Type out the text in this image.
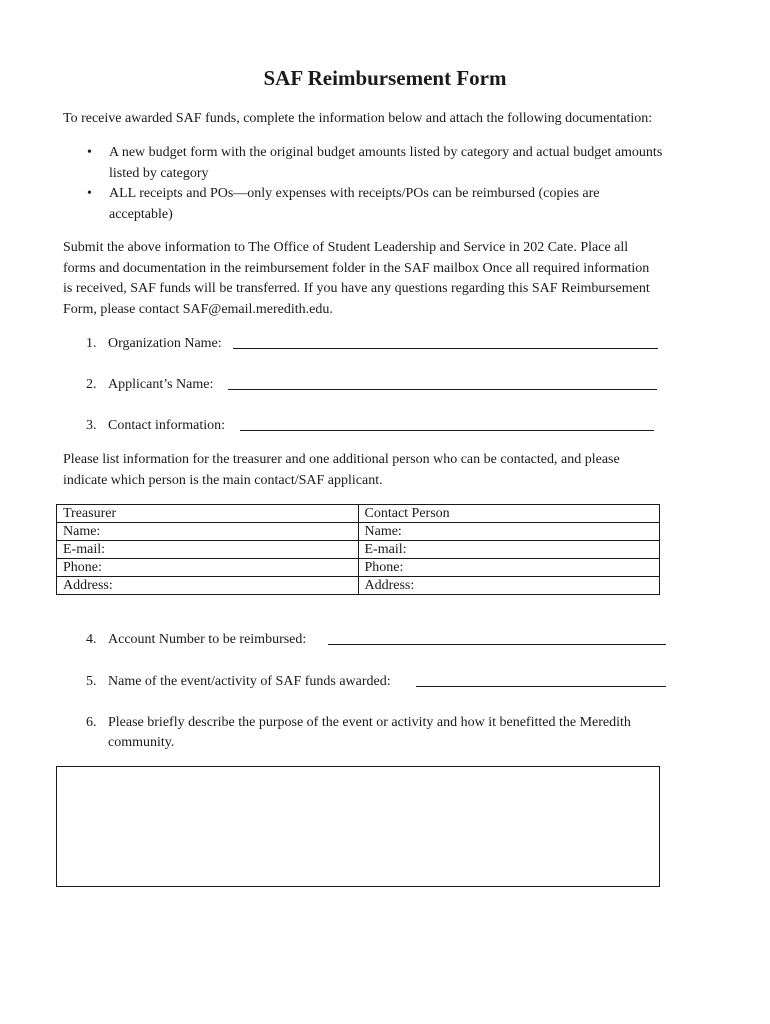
SAF Reimbursement Form

To receive awarded SAF funds, complete the information below and attach the following documentation:

• A new budget form with the original budget amounts listed by category and actual budget amounts
listed by category
• ALL receipts and POs—only expenses with receipts/POs can be reimbursed (copies are
acceptable)

Submit the above information to The Office of Student Leadership and Service in 202 Cate. Place all
forms and documentation in the reimbursement folder in the SAF mailbox Once all required information
is received, SAF funds will be transferred. If you have any questions regarding this SAF Reimbursement
Form, please contact SAF@email.meredith.edu.

1. Organization Name:
2. Applicant’s Name:
3. Contact information:

Please list information for the treasurer and one additional person who can be contacted, and please
indicate which person is the main contact/SAF applicant.

Treasurer	Contact Person
Name:	Name:
E-mail:	E-mail:
Phone:	Phone:
Address:	Address:
4. Account Number to be reimbursed:
5. Name of the event/activity of SAF funds awarded:
6. Please briefly describe the purpose of the event or activity and how it benefitted the Meredith
community.
